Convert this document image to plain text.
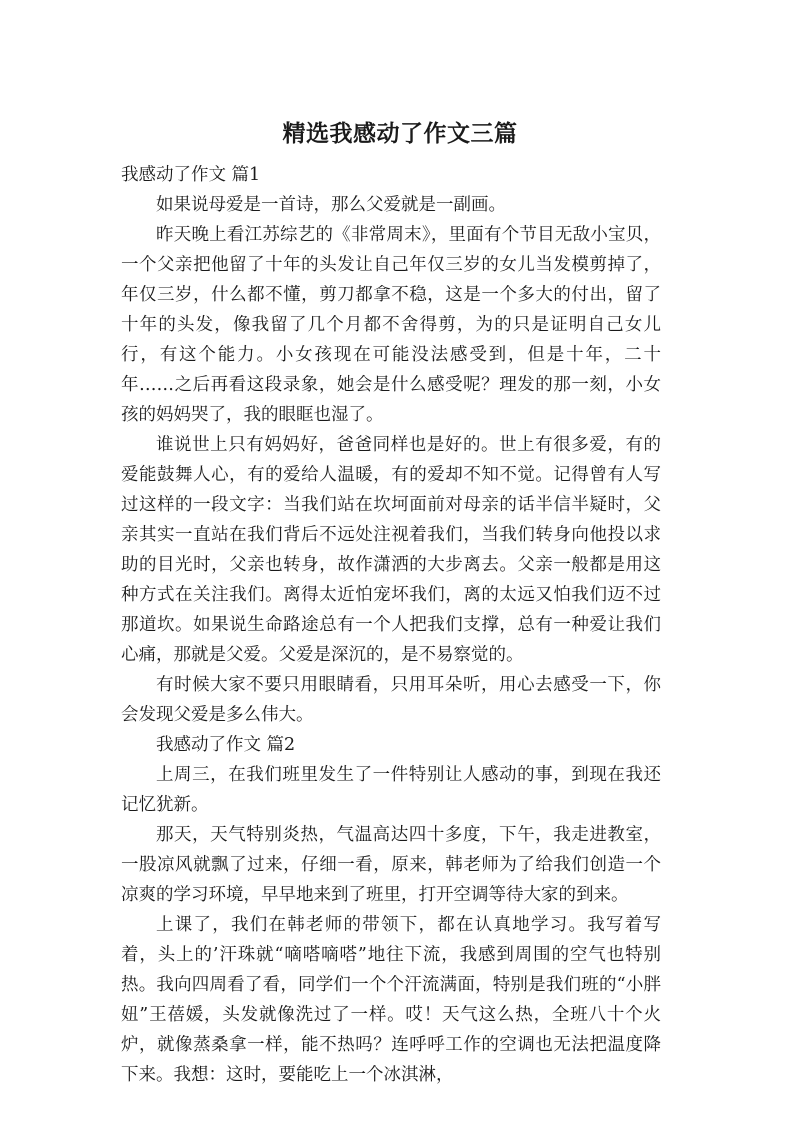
精选我感动了作文三篇

我感动了作文 篇1

如果说母爱是一首诗，那么父爱就是一副画。

昨天晚上看江苏综艺的《非常周末》，里面有个节目无敌小宝贝，一个父亲把他留了十年的头发让自己年仅三岁的女儿当发模剪掉了，年仅三岁，什么都不懂，剪刀都拿不稳，这是一个多大的付出，留了十年的头发，像我留了几个月都不舍得剪，为的只是证明自己女儿行，有这个能力。小女孩现在可能没法感受到，但是十年，二十年……之后再看这段录象，她会是什么感受呢？理发的那一刻，小女孩的妈妈哭了，我的眼眶也湿了。

谁说世上只有妈妈好，爸爸同样也是好的。世上有很多爱，有的爱能鼓舞人心，有的爱给人温暖，有的爱却不知不觉。记得曾有人写过这样的一段文字：当我们站在坎坷面前对母亲的话半信半疑时，父亲其实一直站在我们背后不远处注视着我们，当我们转身向他投以求助的目光时，父亲也转身，故作潇洒的大步离去。父亲一般都是用这种方式在关注我们。离得太近怕宠坏我们，离的太远又怕我们迈不过那道坎。如果说生命路途总有一个人把我们支撑，总有一种爱让我们心痛，那就是父爱。父爱是深沉的，是不易察觉的。

有时候大家不要只用眼睛看，只用耳朵听，用心去感受一下，你会发现父爱是多么伟大。

我感动了作文 篇2

上周三，在我们班里发生了一件特别让人感动的事，到现在我还记忆犹新。

那天，天气特别炎热，气温高达四十多度，下午，我走进教室，一股凉风就飘了过来，仔细一看，原来，韩老师为了给我们创造一个凉爽的学习环境，早早地来到了班里，打开空调等待大家的到来。

上课了，我们在韩老师的带领下，都在认真地学习。我写着写着，头上的’汗珠就“嘀嗒嘀嗒”地往下流，我感到周围的空气也特别热。我向四周看了看，同学们一个个汗流满面，特别是我们班的“小胖妞”王蓓媛，头发就像洗过了一样。哎！天气这么热，全班八十个火炉，就像蒸桑拿一样，能不热吗？连呼呼工作的空调也无法把温度降下来。我想：这时，要能吃上一个冰淇淋，
